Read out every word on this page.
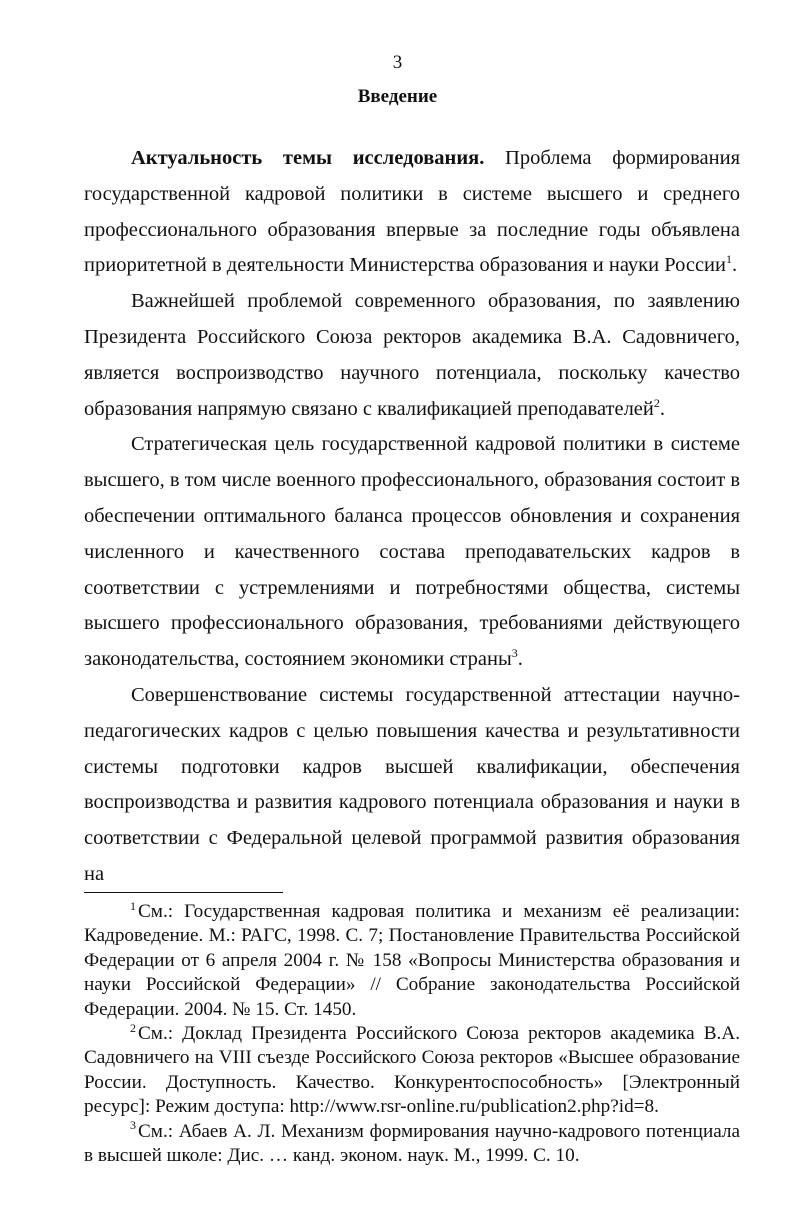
3
Введение

Актуальность темы исследования. Проблема формирования государственной кадровой политики в системе высшего и среднего профессионального образования впервые за последние годы объявлена приоритетной в деятельности Министерства образования и науки России$^1$.

Важнейшей проблемой современного образования, по заявлению Президента Российского Союза ректоров академика В.А. Садовничего, является воспроизводство научного потенциала, поскольку качество образования напрямую связано с квалификацией преподавателей$^2$.

Стратегическая цель государственной кадровой политики в системе высшего, в том числе военного профессионального, образования состоит в обеспечении оптимального баланса процессов обновления и сохранения численного и качественного состава преподавательских кадров в соответствии с устремлениями и потребностями общества, системы высшего профессионального образования, требованиями действующего законодательства, состоянием экономики страны$^3$.

Совершенствование системы государственной аттестации научно-педагогических кадров с целью повышения качества и результативности системы подготовки кадров высшей квалификации, обеспечения воспроизводства и развития кадрового потенциала образования и науки в соответствии с Федеральной целевой программой развития образования на

$^1$ См.: Государственная кадровая политика и механизм её реализации: Кадроведение. М.: РАГС, 1998. С. 7; Постановление Правительства Российской Федерации от 6 апреля 2004 г. № 158 «Вопросы Министерства образования и науки Российской Федерации» // Собрание законодательства Российской Федерации. 2004. № 15. Ст. 1450.

$^2$ См.: Доклад Президента Российского Союза ректоров академика В.А. Садовничего на VIII съезде Российского Союза ректоров «Высшее образование России. Доступность. Качество. Конкурентоспособность» [Электронный ресурс]: Режим доступа: http://www.rsr-online.ru/publication2.php?id=8.

$^3$ См.: Абаев А. Л. Механизм формирования научно-кадрового потенциала в высшей школе: Дис. … канд. эконом. наук. М., 1999. С. 10.
